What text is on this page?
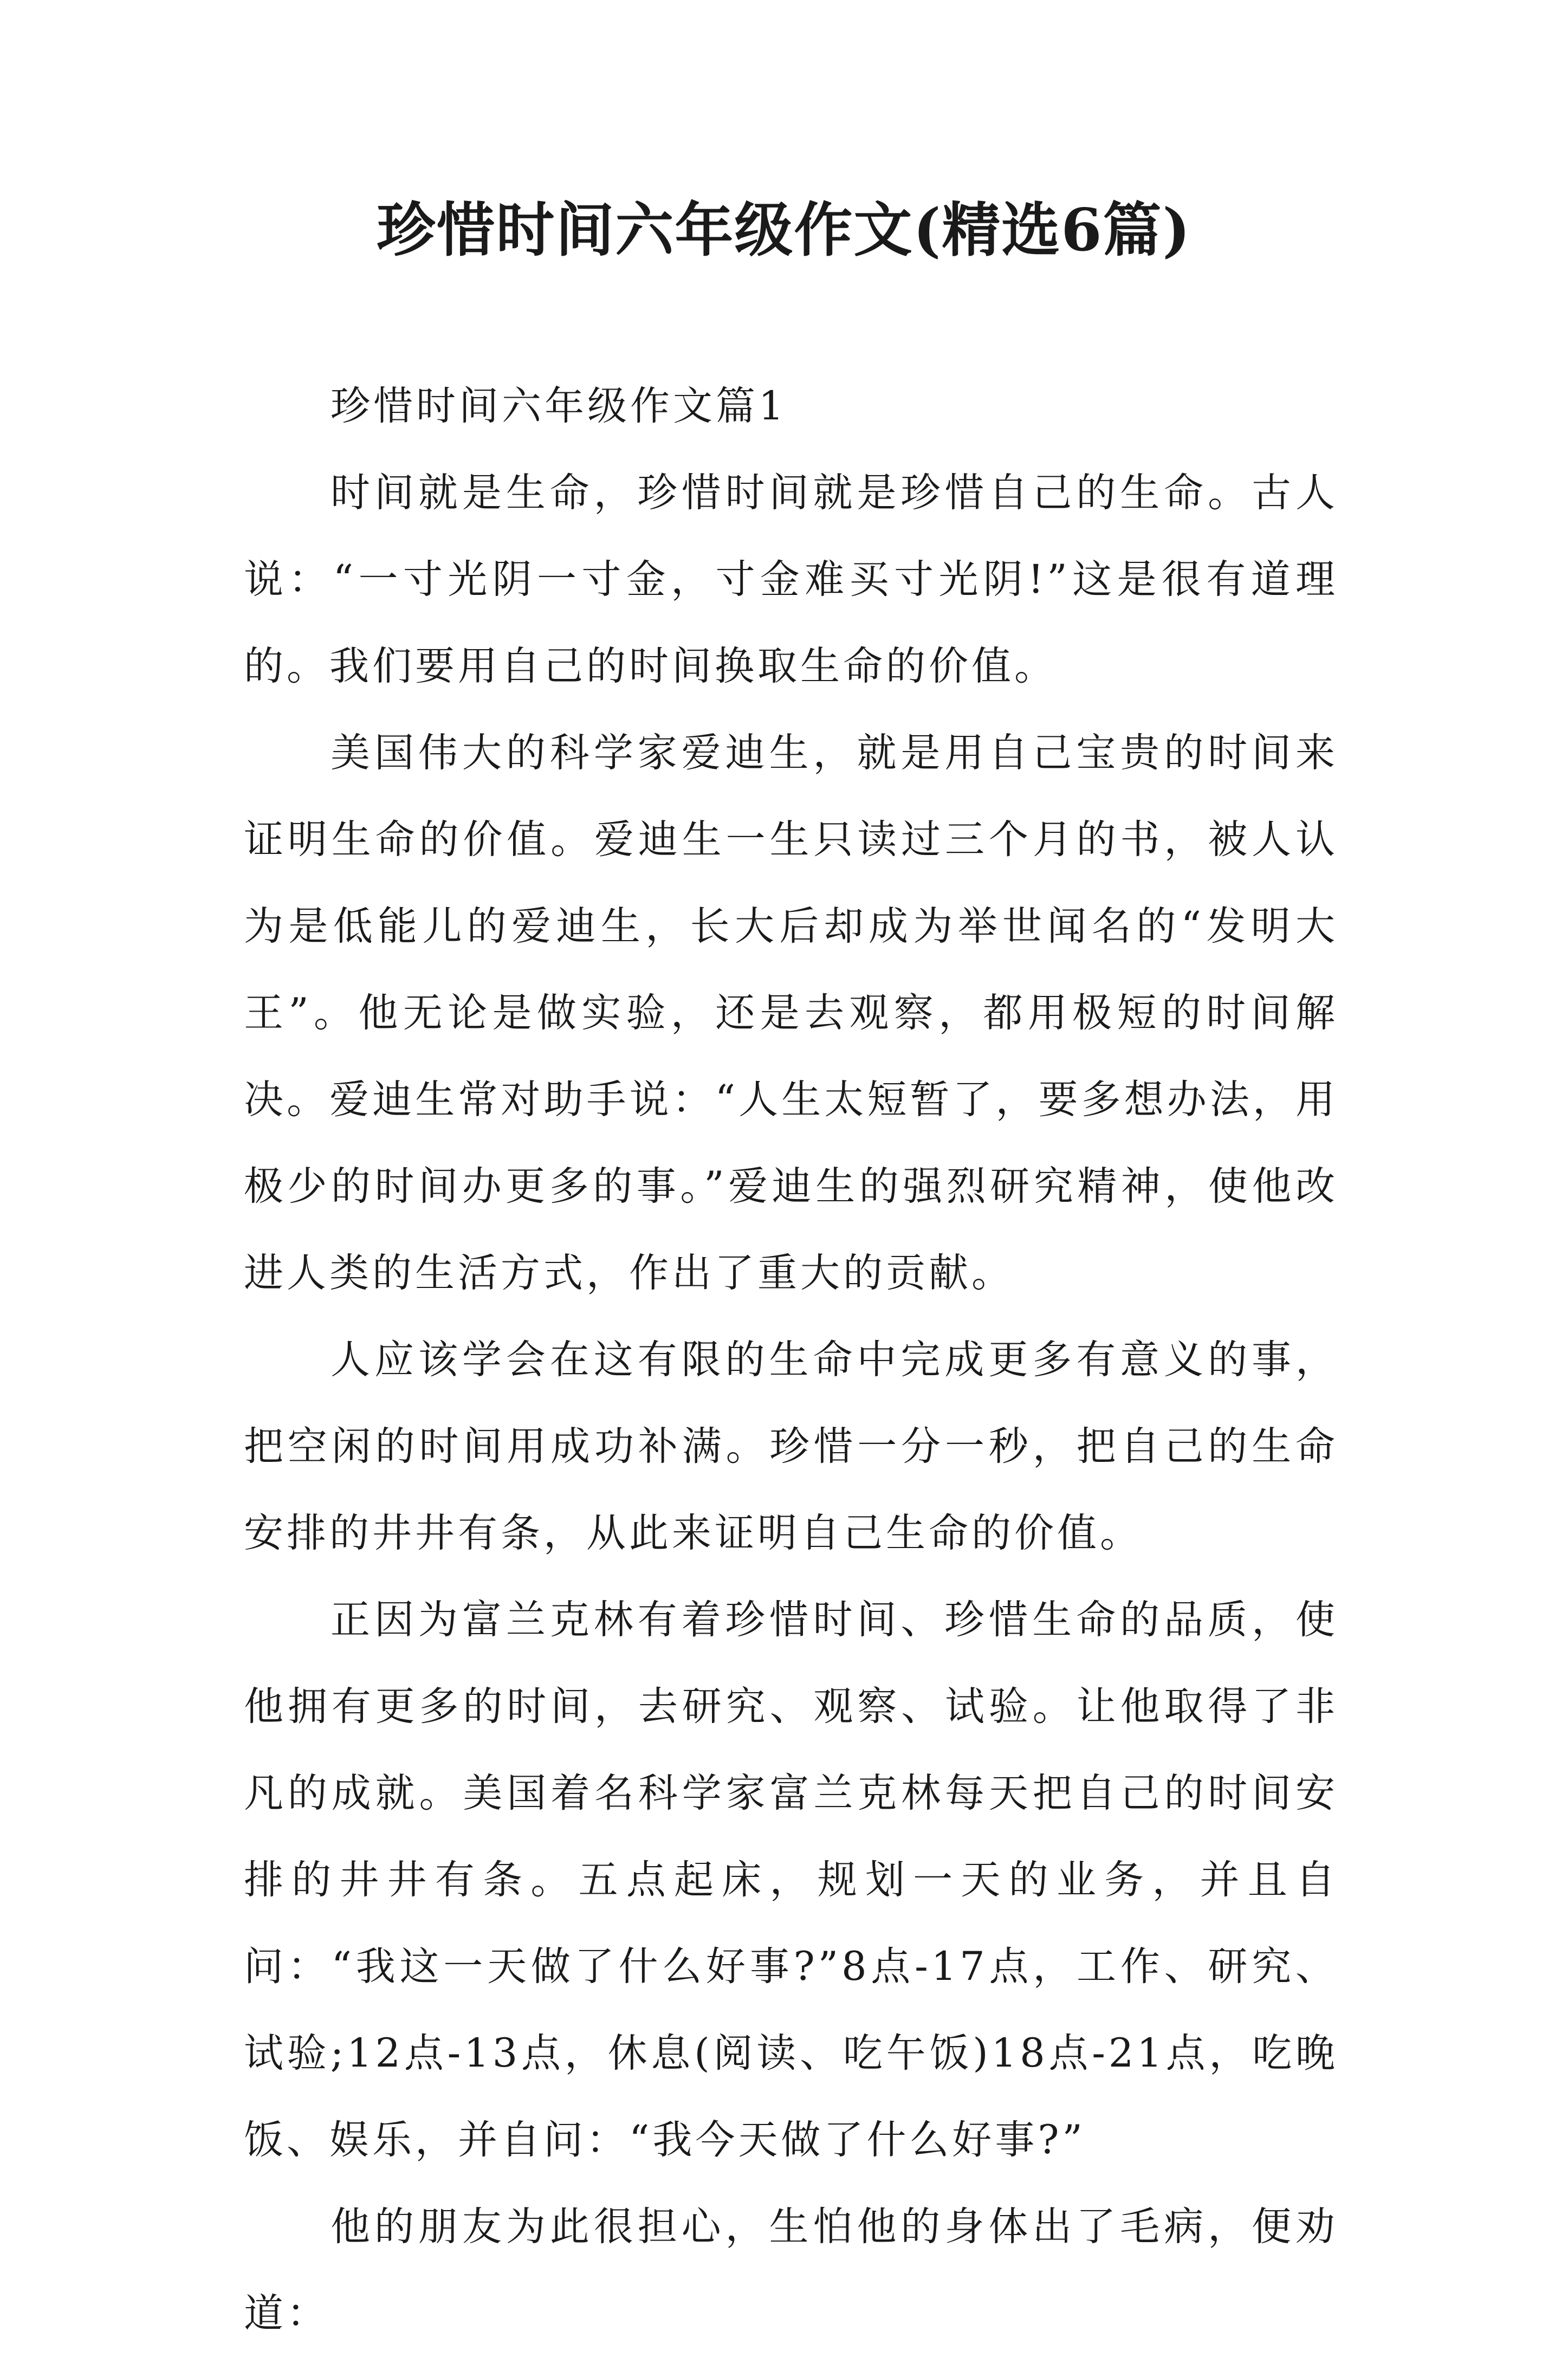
珍惜时间六年级作文(精选6篇)

珍惜时间六年级作文篇1

时间就是生命，珍惜时间就是珍惜自己的生命。古人说：“一寸光阴一寸金，寸金难买寸光阴!”这是很有道理的。我们要用自己的时间换取生命的价值。

美国伟大的科学家爱迪生，就是用自己宝贵的时间来证明生命的价值。爱迪生一生只读过三个月的书，被人认为是低能儿的爱迪生，长大后却成为举世闻名的“发明大王”。他无论是做实验，还是去观察，都用极短的时间解决。爱迪生常对助手说：“人生太短暂了，要多想办法，用极少的时间办更多的事。”爱迪生的强烈研究精神，使他改进人类的生活方式，作出了重大的贡献。

人应该学会在这有限的生命中完成更多有意义的事，把空闲的时间用成功补满。珍惜一分一秒，把自己的生命安排的井井有条，从此来证明自己生命的价值。

正因为富兰克林有着珍惜时间、珍惜生命的品质，使他拥有更多的时间，去研究、观察、试验。让他取得了非凡的成就。美国着名科学家富兰克林每天把自己的时间安排的井井有条。五点起床，规划一天的业务，并且自问：“我这一天做了什么好事?”8点-17点，工作、研究、试验;12点-13点，休息(阅读、吃午饭)18点-21点，吃晚饭、娱乐，并自问：“我今天做了什么好事?”

他的朋友为此很担心，生怕他的身体出了毛病，便劝道：
